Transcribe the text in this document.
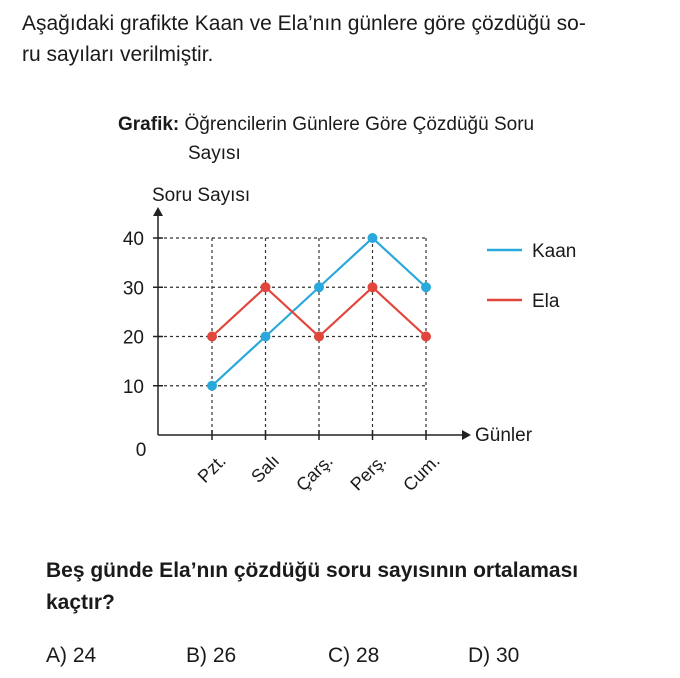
Aşağıdaki grafikte Kaan ve Ela’nın günlere göre çözdüğü so-
ru sayıları verilmiştir.

Grafik: Öğrencilerin Günlere Göre Çözdüğü Soru
Sayısı
Soru Sayısı
Günler
0
10
20
30
40
Pzt. Salı Çarş. Perş. Cum.
Kaan
Ela

Beş günde Ela’nın çözdüğü soru sayısının ortalaması
kaçtır?

A) 24	B) 26	C) 28	D) 30
